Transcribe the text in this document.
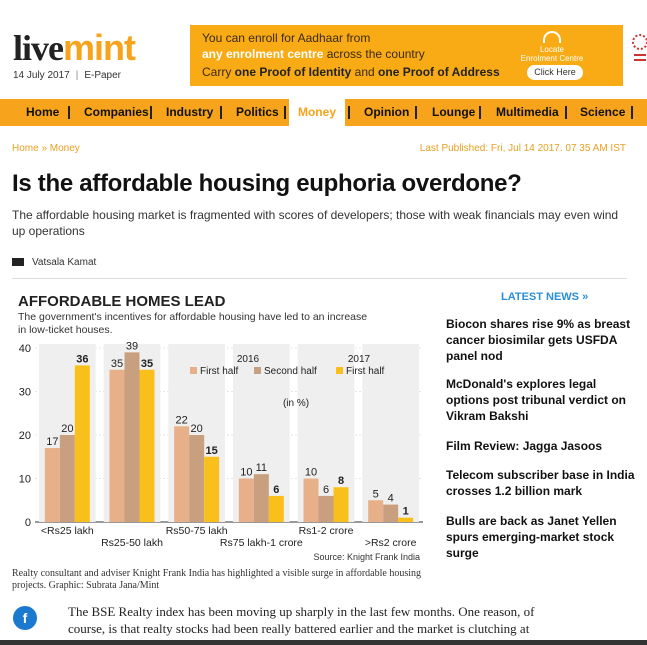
livemint
14 July 2017 | E-Paper
You can enroll for Aadhaar from
any enrolment centre across the country
Carry one Proof of Identity and one Proof of Address
Locate
Enrolment Centre
Click Here
Home Companies Industry Politics	Money	Opinion Lounge Multimedia Science
Home » Money	Last Published: Fri, Jul 14 2017. 07 35 AM IST
Is the affordable housing euphoria overdone?

The affordable housing market is fragmented with scores of developers; those with weak financials may even wind up operations

Vatsala Kamat
AFFORDABLE HOMES LEAD
The government's incentives for affordable housing have led to an increase
in low-ticket houses.
0
10
20
30
40
17
20
36
<Rs25 lakh
35
39
35
Rs25-50 lakh
22
20
15
Rs50-75 lakh
10 11
6
Rs75 lakh-1 crore
10
6
8
Rs1-2 crore
5 4
1
>Rs2 crore
2016	2017
First half	Second half	First half
(in %)
Source: Knight Frank India
Realty consultant and adviser Knight Frank India has highlighted a visible surge in affordable housing projects. Graphic: Subrata Jana/Mint
LATEST NEWS »
Biocon shares rise 9% as breast cancer biosimilar gets USFDA panel nod
McDonald's explores legal options post tribunal verdict on Vikram Bakshi
Film Review: Jagga Jasoos
Telecom subscriber base in India crosses 1.2 billion mark
Bulls are back as Janet Yellen spurs emerging-market stock surge
f	The BSE Realty index has been moving up sharply in the last few months. One reason, of course, is that realty stocks had been really battered earlier and the market is clutching at
